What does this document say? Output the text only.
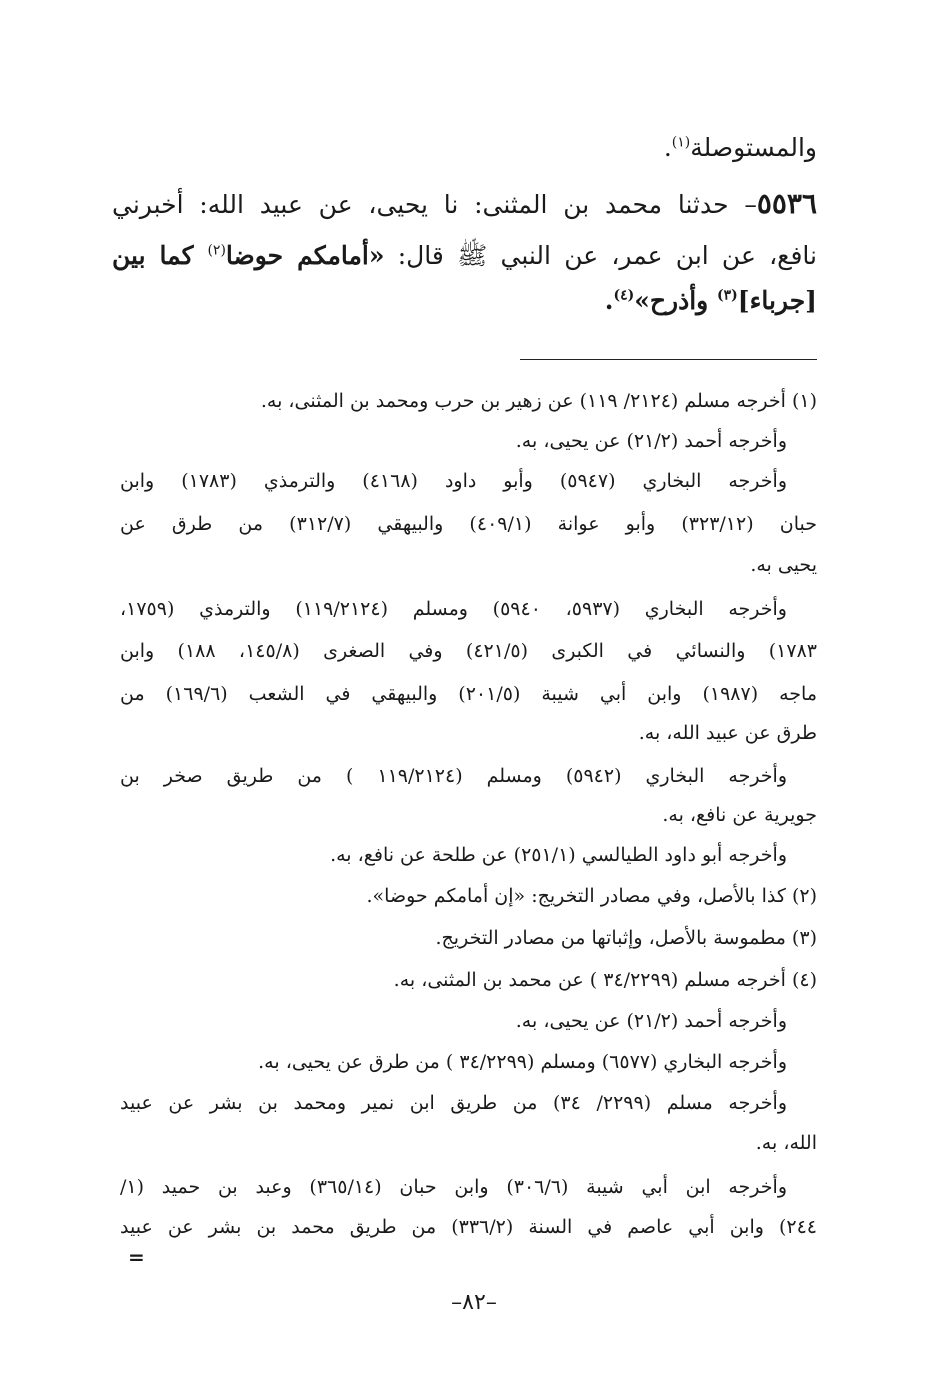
والمستوصلة$^{(١)}$.
٥٥٣٦– حدثنا محمد بن المثنى: نا يحيى، عن عبيد الله: أخبرني
نافع، عن ابن عمر، عن النبي ﷺ قال: «أمامكم حوضا$^{(٢)}$ كما بين
[جرباء]$^{(٣)}$ وأذرح»$^{(٤)}$.
(١) أخرجه مسلم (٢١٢٤/ ١١٩) عن زهير بن حرب ومحمد بن المثنى، به.
وأخرجه أحمد (٢١/٢) عن يحيى، به.
وأخرجه البخاري (٥٩٤٧) وأبو داود (٤١٦٨) والترمذي (١٧٨٣) وابن
حبان (٣٢٣/١٢) وأبو عوانة (٤٠٩/١) والبيهقي (٣١٢/٧) من طرق عن
يحيى به.
وأخرجه البخاري (٥٩٣٧، ٥٩٤٠) ومسلم (١١٩/٢١٢٤) والترمذي (١٧٥٩،
١٧٨٣) والنسائي في الكبرى (٤٢١/٥) وفي الصغرى (١٤٥/٨، ١٨٨) وابن
ماجه (١٩٨٧) وابن أبي شيبة (٢٠١/٥) والبيهقي في الشعب (١٦٩/٦) من
طرق عن عبيد الله، به.
وأخرجه البخاري (٥٩٤٢) ومسلم (١١٩/٢١٢٤ ) من طريق صخر بن
جويرية عن نافع، به.
وأخرجه أبو داود الطيالسي (٢٥١/١) عن طلحة عن نافع، به.
(٢) كذا بالأصل، وفي مصادر التخريج: «إن أمامكم حوضا».
(٣) مطموسة بالأصل، وإثباتها من مصادر التخريج.
(٤) أخرجه مسلم (٣٤/٢٢٩٩ ) عن محمد بن المثنى، به.
وأخرجه أحمد (٢١/٢) عن يحيى، به.
وأخرجه البخاري (٦٥٧٧) ومسلم (٣٤/٢٢٩٩ ) من طرق عن يحيى، به.
وأخرجه مسلم (٢٢٩٩/ ٣٤) من طريق ابن نمير ومحمد بن بشر عن عبيد
الله، به.
وأخرجه ابن أبي شيبة (٣٠٦/٦) وابن حبان (٣٦٥/١٤) وعبد بن حميد (١/
٢٤٤) وابن أبي عاصم في السنة (٣٣٦/٢) من طريق محمد بن بشر عن عبيد
=
–٨٢–
